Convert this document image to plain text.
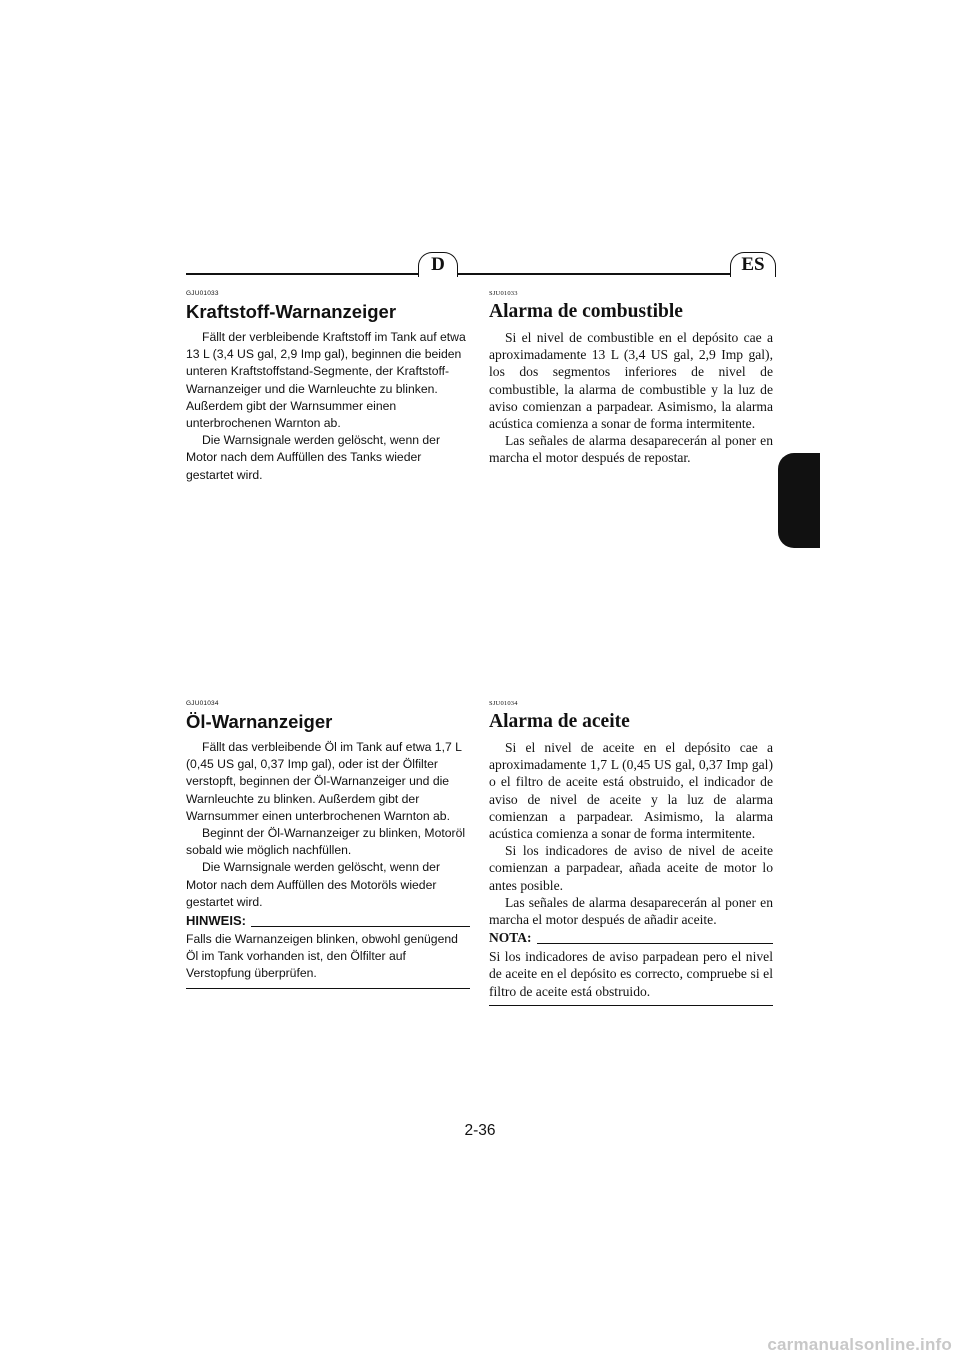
D	ES

GJU01033

Kraftstoff-Warnanzeiger

Fällt der verbleibende Kraftstoff im Tank auf etwa 13 L (3,4 US gal, 2,9 Imp gal), beginnen die beiden unteren Kraftstoffstand-Segmente, der Kraftstoff-Warnanzeiger und die Warnleuchte zu blinken. Außerdem gibt der Warnsummer einen unterbrochenen Warnton ab.

Die Warnsignale werden gelöscht, wenn der Motor nach dem Auffüllen des Tanks wieder gestartet wird.

SJU01033

Alarma de combustible

Si el nivel de combustible en el depósito cae a aproximadamente 13 L (3,4 US gal, 2,9 Imp gal), los dos segmentos inferiores de nivel de combustible, la alarma de combustible y la luz de aviso comienzan a parpadear. Asimismo, la alarma acústica comienza a sonar de forma intermitente.

Las señales de alarma desaparecerán al poner en marcha el motor después de repostar.

GJU01034

Öl-Warnanzeiger

Fällt das verbleibende Öl im Tank auf etwa 1,7 L (0,45 US gal, 0,37 Imp gal), oder ist der Ölfilter verstopft, beginnen der Öl-Warnanzeiger und die Warnleuchte zu blinken. Außerdem gibt der Warnsummer einen unterbrochenen Warnton ab.

Beginnt der Öl-Warnanzeiger zu blinken, Motoröl sobald wie möglich nachfüllen.

Die Warnsignale werden gelöscht, wenn der Motor nach dem Auffüllen des Motoröls wieder gestartet wird.

HINWEIS:

Falls die Warnanzeigen blinken, obwohl genügend Öl im Tank vorhanden ist, den Ölfilter auf Verstopfung überprüfen.

SJU01034

Alarma de aceite

Si el nivel de aceite en el depósito cae a aproximadamente 1,7 L (0,45 US gal, 0,37 Imp gal) o el filtro de aceite está obstruido, el indicador de aviso de nivel de aceite y la luz de alarma comienzan a parpadear. Asimismo, la alarma acústica comienza a sonar de forma intermitente.

Si los indicadores de aviso de nivel de aceite comienzan a parpadear, añada aceite de motor lo antes posible.

Las señales de alarma desaparecerán al poner en marcha el motor después de añadir aceite.

NOTA:

Si los indicadores de aviso parpadean pero el nivel de aceite en el depósito es correcto, compruebe si el filtro de aceite está obstruido.

2-36
carmanualsonline.info
